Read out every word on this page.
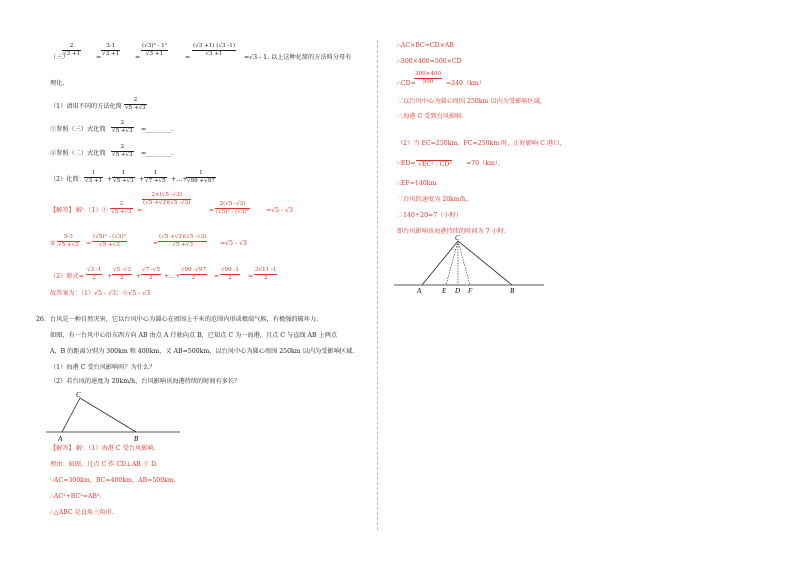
（三）
$\frac{2}{√3 +1} = \frac{3-1}{√3 +1} = \frac{\text{(√3)² - 1²}}{√3 +1}$	= $\frac{(√3 +1) (√3 -1)}{√3 +1} =√3 - 1$. 以上这种化简的方法叫分母有
理化.
（1）请用不同的方法化简 $\frac{2}{√5 +√3}$
①参照（三）式化简 $\frac{2}{√5 +√3}$ =________.
②参照（二）式化简 $\frac{2}{√5 +√3}$ =________.
（2）化简： $\frac{1}{√3 +1} + \frac{1}{√5 +√3} + \frac{1}{√7 +√5}$ +…+
$\frac{1}{√99 +√97}$
【解答】 解：（1）① $\frac{2}{√5 +√3}$ =
$\frac{2\times(√5 -√3)}{(√5 +√3)(√5 -√3)}$
= $\frac{2(√5 -√3)}{\text{(√5)² - (√3)²}}$	=√5 - √3
② $\frac{5-3}{√5 +√3} = \frac{\text{(√5)² - (√3)²}}{√5 +√3}$	= $\frac{(√5 +√3)(√5 -√3)}{√5 +√3} =√5 - √3$
（2）原式= $\frac{√3 -1}{2} + \frac{√5 -√3}{2} + \frac{√7 -√5}{2}$ +…+ $\frac{√99 -√97}{2} = \frac{√99 -1}{2} = \frac{3√11 -1}{2}$
故答案为：（1）√5 - √3；②√5 - √3
26．台风是一种自然灾害，它以台风中心为圆心在周围上千米的范围内形成极端气候，有极强的破坏力.
如图，有一台风中心沿东西方向 AB 由点 A 行驶向点 B，已知点 C 为一海港，且点 C 与直线 AB 上两点
A，B 的距离分别为 300km 和 400km，又 AB=500km，以台风中心为圆心周围 250km 以内为受影响区域.
（1）海港 C 受台风影响吗？为什么？
（2）若台风的速度为 20km/h，台风影响该海港持续的时间有多长？
C
A	B
【解答】 解：（1）海港 C 受台风影响.
理由：如图，过点 C 作 CD⊥AB 于 D.
∵AC=300km，BC=400km，AB=500km，
∴AC²+BC²=AB².
∴△ABC 是直角三角形.
∴AC×BC=CD×AB
∴300×400=500×CD
∴CD=
$\frac{300\times 400}{500} =240(km)$
∵以台风中心为圆心周围 250km 以内为受影响区域，
∴海港 C 受到台风影响.
（2）当 EC=250km，FC=250km 时，正好影响 C 港口，
∵ED= √EC² - CD² =70（km），
∴EF=140km
∵台风的速度为 20km/h，
∴140÷20=7（小时）
即台风影响该海港持续的时间为 7 小时.
C
A	E D F	B
